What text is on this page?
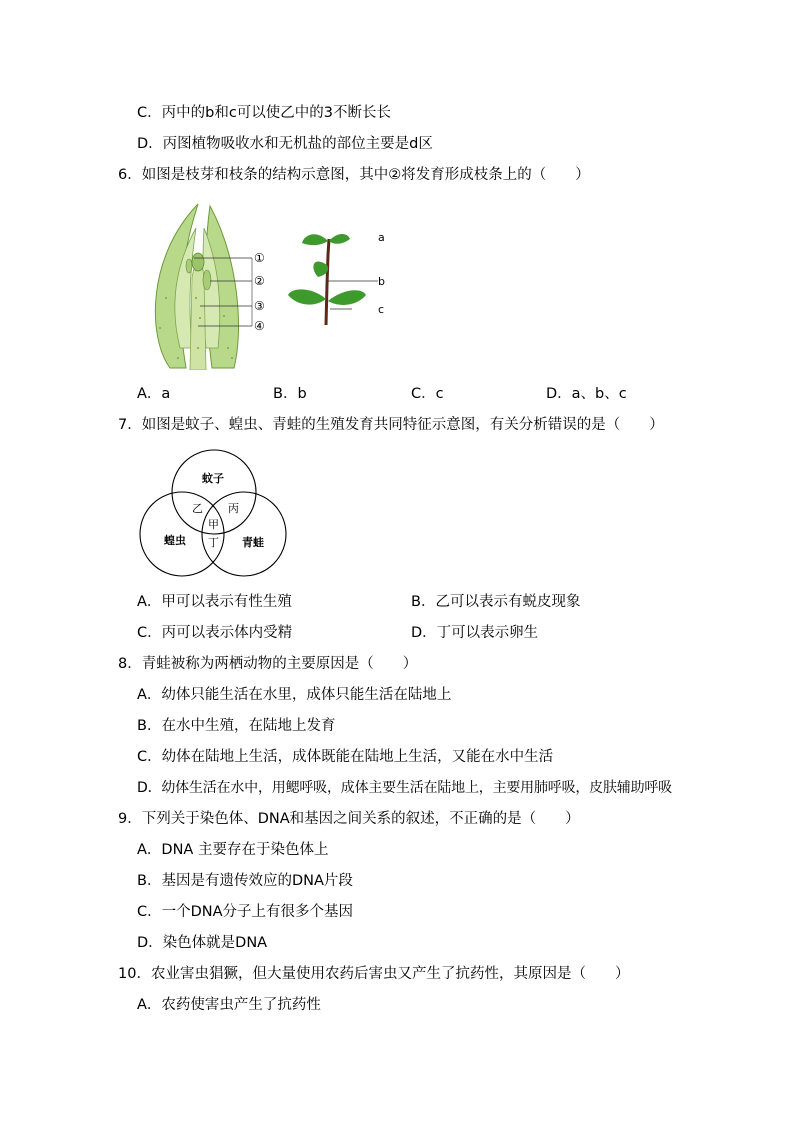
C．丙中的b和c可以使乙中的3不断长长
D．丙图植物吸收水和无机盐的部位主要是d区
6．如图是枝芽和枝条的结构示意图，其中②将发育形成枝条上的（　　）
①
②
③
④
a
b
c
A．a	B．b	C．c	D．a、b、c
7．如图是蚊子、蝗虫、青蛙的生殖发育共同特征示意图，有关分析错误的是（　　）
蚊子
蝗虫	青蛙
甲
乙 丙
丁
A．甲可以表示有性生殖	B．乙可以表示有蜕皮现象
C．丙可以表示体内受精	D．丁可以表示卵生
8．青蛙被称为两栖动物的主要原因是（　　）
A．幼体只能生活在水里，成体只能生活在陆地上
B．在水中生殖，在陆地上发育
C．幼体在陆地上生活，成体既能在陆地上生活，又能在水中生活
D．幼体生活在水中，用鳃呼吸，成体主要生活在陆地上，主要用肺呼吸，皮肤辅助呼吸
9．下列关于染色体、DNA和基因之间关系的叙述，不正确的是（　　）
A．DNA 主要存在于染色体上
B．基因是有遗传效应的DNA片段
C．一个DNA分子上有很多个基因
D．染色体就是DNA
10．农业害虫猖獗，但大量使用农药后害虫又产生了抗药性，其原因是（　　）
A．农药使害虫产生了抗药性
